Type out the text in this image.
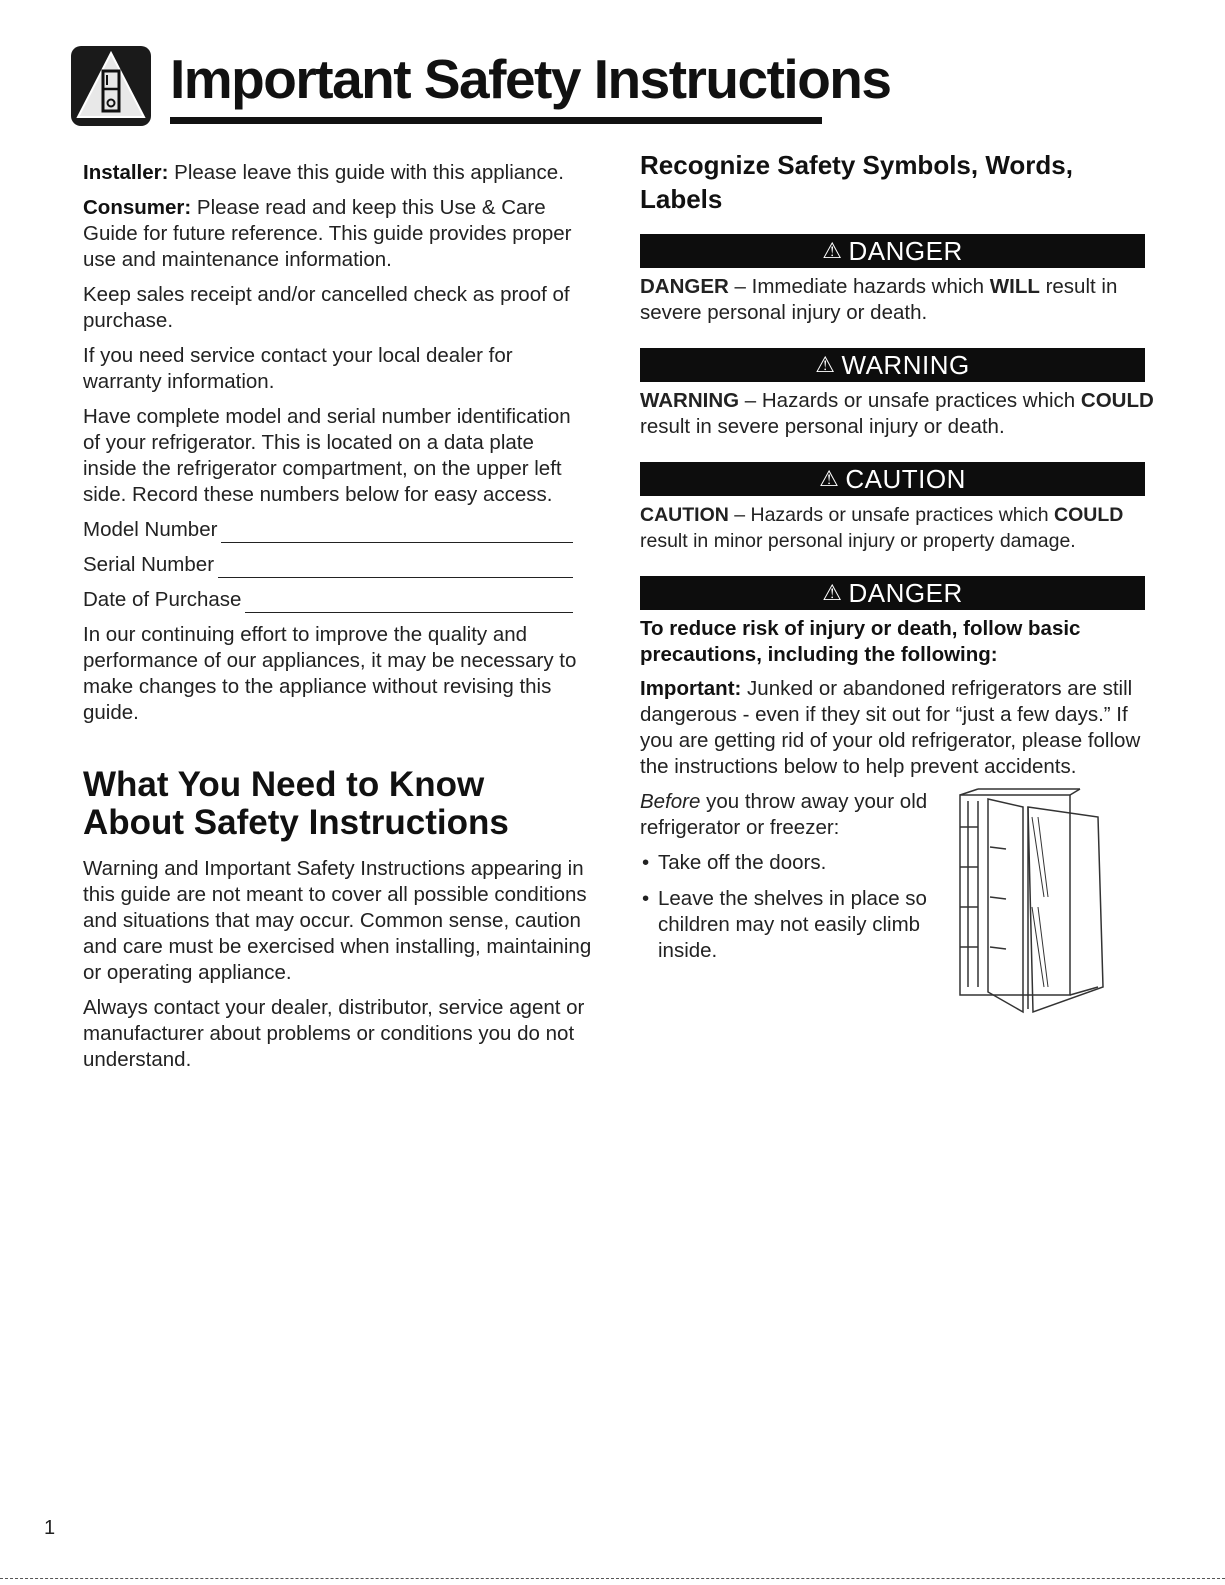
Important Safety Instructions

Installer: Please leave this guide with this appliance.

Consumer: Please read and keep this Use & Care Guide for future reference. This guide provides proper use and maintenance information.

Keep sales receipt and/or cancelled check as proof of purchase.

If you need service contact your local dealer for warranty information.

Have complete model and serial number identification of your refrigerator. This is located on a data plate inside the refrigerator compartment, on the upper left side. Record these numbers below for easy access.

Model Number
Serial Number
Date of Purchase

In our continuing effort to improve the quality and performance of our appliances, it may be necessary to make changes to the appliance without revising this guide.

What You Need to Know About Safety Instructions

Warning and Important Safety Instructions appearing in this guide are not meant to cover all possible conditions and situations that may occur. Common sense, caution and care must be exercised when installing, maintaining or operating appliance.

Always contact your dealer, distributor, service agent or manufacturer about problems or conditions you do not understand.

Recognize Safety Symbols, Words, Labels
⚠ DANGER

DANGER – Immediate hazards which WILL result in severe personal injury or death.

⚠ WARNING

WARNING – Hazards or unsafe practices which COULD result in severe personal injury or death.

⚠ CAUTION

CAUTION – Hazards or unsafe practices which COULD result in minor personal injury or property damage.

⚠ DANGER

To reduce risk of injury or death, follow basic precautions, including the following:

Important: Junked or abandoned refrigerators are still dangerous - even if they sit out for “just a few days.” If you are getting rid of your old refrigerator, please follow the instructions below to help prevent accidents.

Before you throw away your old refrigerator or freezer:

• Take off the doors.
• Leave the shelves in place so children may not easily climb inside.
1
